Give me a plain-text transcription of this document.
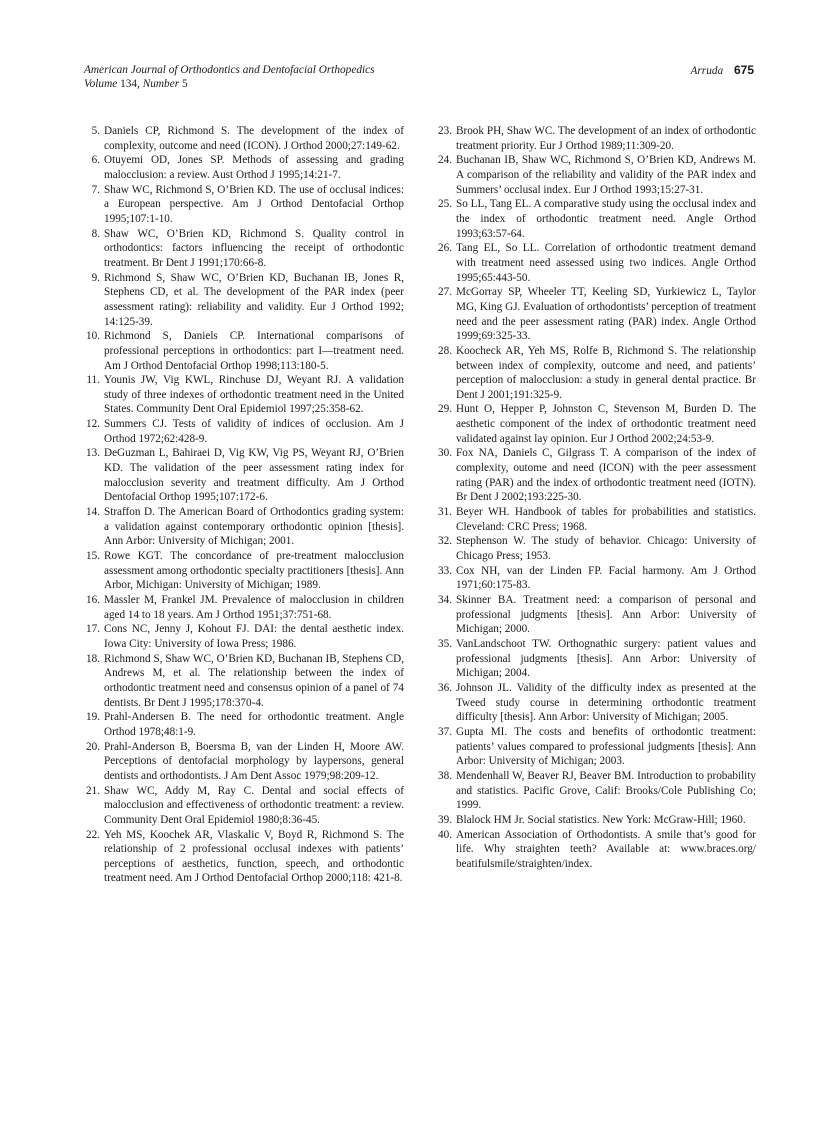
American Journal of Orthodontics and Dentofacial Orthopedics
Volume 134, Number 5
Arruda 675
5. Daniels CP, Richmond S. The development of the index of complexity, outcome and need (ICON). J Orthod 2000;27:149-62.
6. Otuyemi OD, Jones SP. Methods of assessing and grading malocclusion: a review. Aust Orthod J 1995;14:21-7.
7. Shaw WC, Richmond S, O’Brien KD. The use of occlusal indices: a European perspective. Am J Orthod Dentofacial Orthop 1995;107:1-10.
8. Shaw WC, O’Brien KD, Richmond S. Quality control in orthodontics: factors influencing the receipt of orthodontic treatment. Br Dent J 1991;170:66-8.
9. Richmond S, Shaw WC, O’Brien KD, Buchanan IB, Jones R, Stephens CD, et al. The development of the PAR index (peer assessment rating): reliability and validity. Eur J Orthod 1992; 14:125-39.
10. Richmond S, Daniels CP. International comparisons of professional perceptions in orthodontics: part I—treatment need. Am J Orthod Dentofacial Orthop 1998;113:180-5.
11. Younis JW, Vig KWL, Rinchuse DJ, Weyant RJ. A validation study of three indexes of orthodontic treatment need in the United States. Community Dent Oral Epidemiol 1997;25:358-62.
12. Summers CJ. Tests of validity of indices of occlusion. Am J Orthod 1972;62:428-9.
13. DeGuzman L, Bahiraei D, Vig KW, Vig PS, Weyant RJ, O’Brien KD. The validation of the peer assessment rating index for malocclusion severity and treatment difficulty. Am J Orthod Dentofacial Orthop 1995;107:172-6.
14. Straffon D. The American Board of Orthodontics grading system: a validation against contemporary orthodontic opinion [thesis]. Ann Arbor: University of Michigan; 2001.
15. Rowe KGT. The concordance of pre-treatment malocclusion assessment among orthodontic specialty practitioners [thesis]. Ann Arbor, Michigan: University of Michigan; 1989.
16. Massler M, Frankel JM. Prevalence of malocclusion in children aged 14 to 18 years. Am J Orthod 1951;37:751-68.
17. Cons NC, Jenny J, Kohout FJ. DAI: the dental aesthetic index. Iowa City: University of Iowa Press; 1986.
18. Richmond S, Shaw WC, O’Brien KD, Buchanan IB, Stephens CD, Andrews M, et al. The relationship between the index of orthodontic treatment need and consensus opinion of a panel of 74 dentists. Br Dent J 1995;178:370-4.
19. Prahl-Andersen B. The need for orthodontic treatment. Angle Orthod 1978;48:1-9.
20. Prahl-Anderson B, Boersma B, van der Linden H, Moore AW. Perceptions of dentofacial morphology by laypersons, general dentists and orthodontists. J Am Dent Assoc 1979;98:209-12.
21. Shaw WC, Addy M, Ray C. Dental and social effects of malocclusion and effectiveness of orthodontic treatment: a review. Community Dent Oral Epidemiol 1980;8:36-45.
22. Yeh MS, Koochek AR, Vlaskalic V, Boyd R, Richmond S. The relationship of 2 professional occlusal indexes with patients’ perceptions of aesthetics, function, speech, and orthodontic treatment need. Am J Orthod Dentofacial Orthop 2000;118: 421-8.
23. Brook PH, Shaw WC. The development of an index of orthodontic treatment priority. Eur J Orthod 1989;11:309-20.
24. Buchanan IB, Shaw WC, Richmond S, O’Brien KD, Andrews M. A comparison of the reliability and validity of the PAR index and Summers’ occlusal index. Eur J Orthod 1993;15:27-31.
25. So LL, Tang EL. A comparative study using the occlusal index and the index of orthodontic treatment need. Angle Orthod 1993;63:57-64.
26. Tang EL, So LL. Correlation of orthodontic treatment demand with treatment need assessed using two indices. Angle Orthod 1995;65:443-50.
27. McGorray SP, Wheeler TT, Keeling SD, Yurkiewicz L, Taylor MG, King GJ. Evaluation of orthodontists’ perception of treatment need and the peer assessment rating (PAR) index. Angle Orthod 1999;69:325-33.
28. Koocheck AR, Yeh MS, Rolfe B, Richmond S. The relationship between index of complexity, outcome and need, and patients’ perception of malocclusion: a study in general dental practice. Br Dent J 2001;191:325-9.
29. Hunt O, Hepper P, Johnston C, Stevenson M, Burden D. The aesthetic component of the index of orthodontic treatment need validated against lay opinion. Eur J Orthod 2002;24:53-9.
30. Fox NA, Daniels C, Gilgrass T. A comparison of the index of complexity, outome and need (ICON) with the peer assessment rating (PAR) and the index of orthodontic treatment need (IOTN). Br Dent J 2002;193:225-30.
31. Beyer WH. Handbook of tables for probabilities and statistics. Cleveland: CRC Press; 1968.
32. Stephenson W. The study of behavior. Chicago: University of Chicago Press; 1953.
33. Cox NH, van der Linden FP. Facial harmony. Am J Orthod 1971;60:175-83.
34. Skinner BA. Treatment need: a comparison of personal and professional judgments [thesis]. Ann Arbor: University of Michigan; 2000.
35. VanLandschoot TW. Orthognathic surgery: patient values and professional judgments [thesis]. Ann Arbor: University of Michigan; 2004.
36. Johnson JL. Validity of the difficulty index as presented at the Tweed study course in determining orthodontic treatment difficulty [thesis]. Ann Arbor: University of Michigan; 2005.
37. Gupta MI. The costs and benefits of orthodontic treatment: patients’ values compared to professional judgments [thesis]. Ann Arbor: University of Michigan; 2003.
38. Mendenhall W, Beaver RJ, Beaver BM. Introduction to probability and statistics. Pacific Grove, Calif: Brooks/Cole Publishing Co; 1999.
39. Blalock HM Jr. Social statistics. New York: McGraw-Hill; 1960.
40. American Association of Orthodontists. A smile that’s good for life. Why straighten teeth? Available at: www.braces.org/ beatifulsmile/straighten/index.
